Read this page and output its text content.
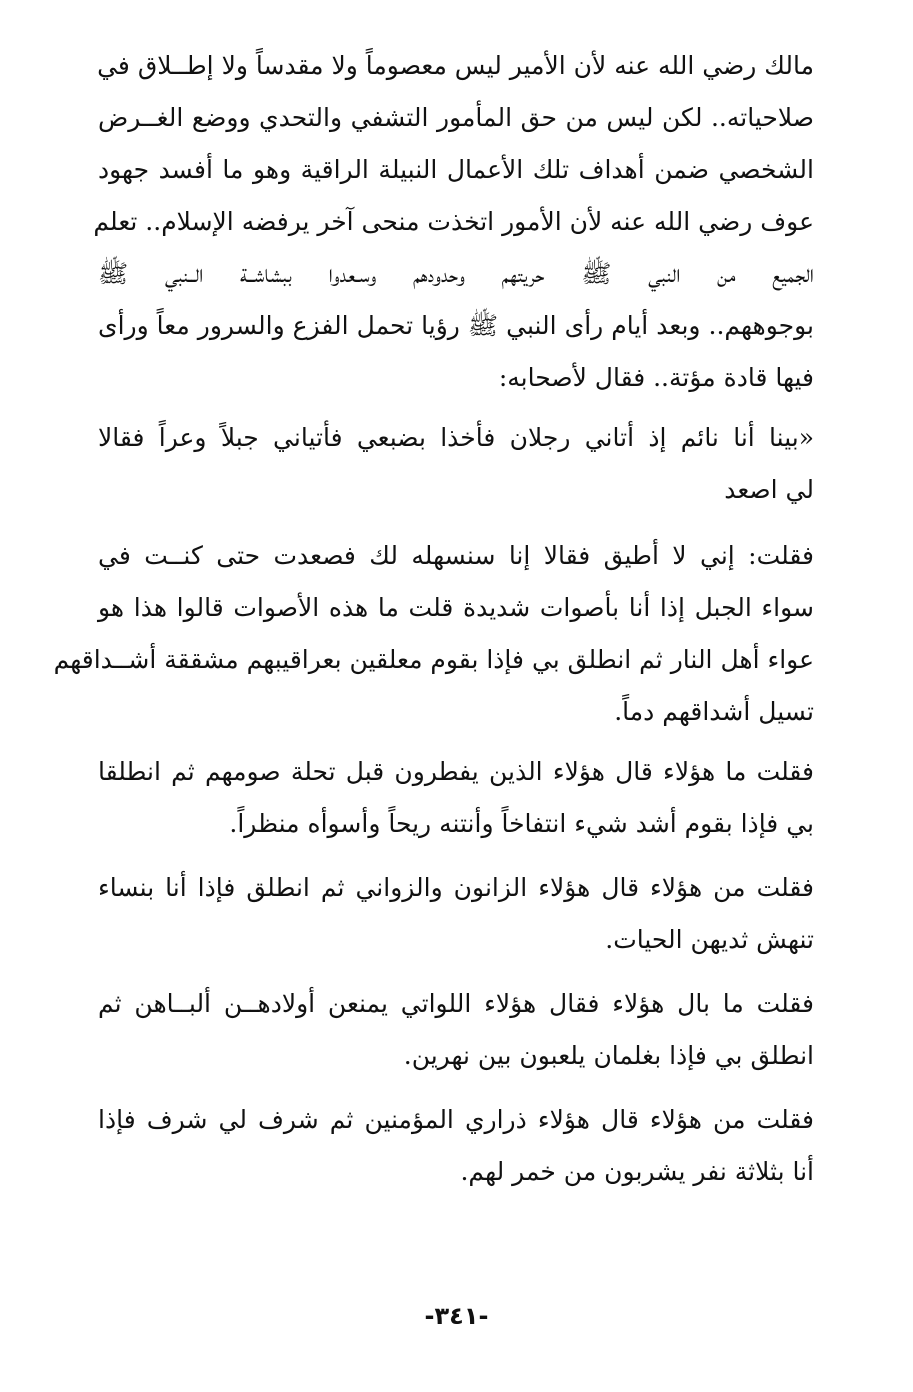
مالك رضي الله عنه لأن الأمير ليس معصوماً ولا مقدساً ولا إطــلاق في
صلاحياته.. لكن ليس من حق المأمور التشفي والتحدي ووضع الغــرض
الشخصي ضمن أهداف تلك الأعمال النبيلة الراقية وهو ما أفسد جهود
عوف رضي الله عنه لأن الأمور اتخذت منحى آخر يرفضه الإسلام.. تعلم
الجميع من النبي ﷺ حريتهم وحدودهم وسـعدوا ببشاشــة الــنبي ﷺ
بوجوههم.. وبعد أيام رأى النبي ﷺ رؤيا تحمل الفزع والسرور معاً ورأى
فيها قادة مؤتة.. فقال لأصحابه:

«بينا أنا نائم إذ أتاني رجلان فأخذا بضبعي فأتياني جبلاً وعراً فقالا
لي اصعد

فقلت: إني لا أطيق فقالا إنا سنسهله لك فصعدت حتى كنــت في
سواء الجبل إذا أنا بأصوات شديدة قلت ما هذه الأصوات قالوا هذا هو
عواء أهل النار ثم انطلق بي فإذا بقوم معلقين بعراقيبهم مشققة أشــداقهم
تسيل أشداقهم دماً.

فقلت ما هؤلاء قال هؤلاء الذين يفطرون قبل تحلة صومهم ثم انطلقا
بي فإذا بقوم أشد شيء انتفاخاً وأنتنه ريحاً وأسوأه منظراً.

فقلت من هؤلاء قال هؤلاء الزانون والزواني ثم انطلق فإذا أنا بنساء
تنهش ثديهن الحيات.

فقلت ما بال هؤلاء فقال هؤلاء اللواتي يمنعن أولادهــن ألبــاهن ثم
انطلق بي فإذا بغلمان يلعبون بين نهرين.

فقلت من هؤلاء قال هؤلاء ذراري المؤمنين ثم شرف لي شرف فإذا
أنا بثلاثة نفر يشربون من خمر لهم.

-٣٤١-
